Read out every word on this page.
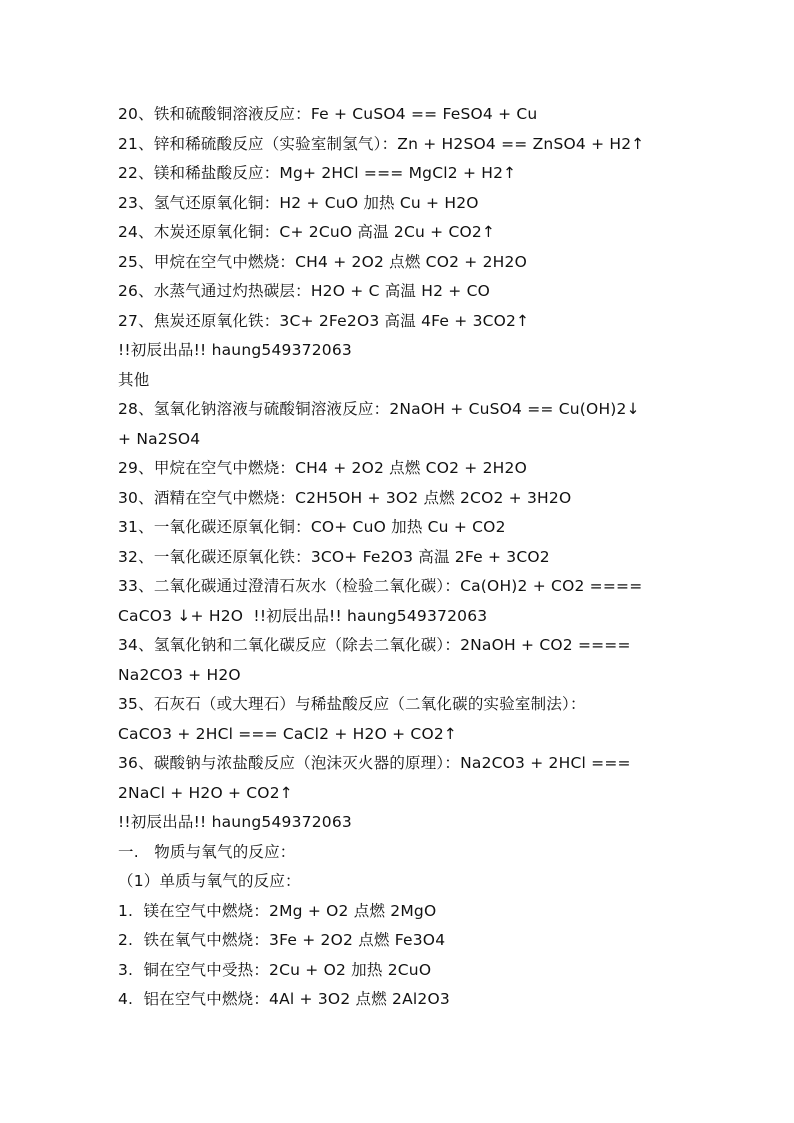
20、铁和硫酸铜溶液反应：Fe + CuSO4 == FeSO4 + Cu
21、锌和稀硫酸反应（实验室制氢气）：Zn + H2SO4 == ZnSO4 + H2↑
22、镁和稀盐酸反应：Mg+ 2HCl === MgCl2 + H2↑
23、氢气还原氧化铜：H2 + CuO 加热 Cu + H2O
24、木炭还原氧化铜：C+ 2CuO 高温 2Cu + CO2↑
25、甲烷在空气中燃烧：CH4 + 2O2 点燃 CO2 + 2H2O
26、水蒸气通过灼热碳层：H2O + C 高温 H2 + CO
27、焦炭还原氧化铁：3C+ 2Fe2O3 高温 4Fe + 3CO2↑
!!初辰出品!! haung549372063
其他
28、氢氧化钠溶液与硫酸铜溶液反应：2NaOH + CuSO4 == Cu(OH)2↓
+ Na2SO4
29、甲烷在空气中燃烧：CH4 + 2O2 点燃 CO2 + 2H2O
30、酒精在空气中燃烧：C2H5OH + 3O2 点燃 2CO2 + 3H2O
31、一氧化碳还原氧化铜：CO+ CuO 加热 Cu + CO2
32、一氧化碳还原氧化铁：3CO+ Fe2O3 高温 2Fe + 3CO2
33、二氧化碳通过澄清石灰水（检验二氧化碳）：Ca(OH)2 + CO2 ====
CaCO3 ↓+ H2O  !!初辰出品!! haung549372063
34、氢氧化钠和二氧化碳反应（除去二氧化碳）：2NaOH + CO2 ====
Na2CO3 + H2O
35、石灰石（或大理石）与稀盐酸反应（二氧化碳的实验室制法）：
CaCO3 + 2HCl === CaCl2 + H2O + CO2↑
36、碳酸钠与浓盐酸反应（泡沫灭火器的原理）：Na2CO3 + 2HCl ===
2NaCl + H2O + CO2↑
!!初辰出品!! haung549372063
一.   物质与氧气的反应：
（1）单质与氧气的反应：
1.  镁在空气中燃烧：2Mg + O2 点燃 2MgO
2.  铁在氧气中燃烧：3Fe + 2O2 点燃 Fe3O4
3.  铜在空气中受热：2Cu + O2 加热 2CuO
4.  铝在空气中燃烧：4Al + 3O2 点燃 2Al2O3
